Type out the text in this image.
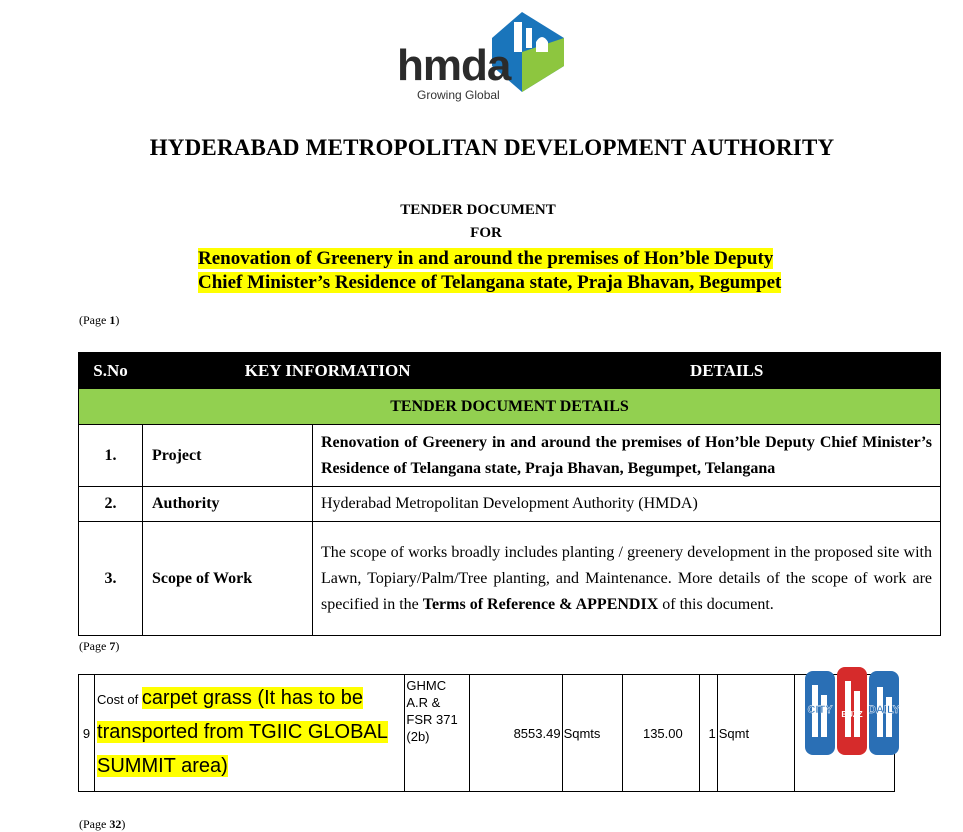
hmda
Growing Global
HYDERABAD METROPOLITAN DEVELOPMENT AUTHORITY
TENDER DOCUMENT
FOR
Renovation of Greenery in and around the premises of Hon’ble Deputy
Chief Minister’s Residence of Telangana state, Praja Bhavan, Begumpet
(Page 1)
S.No	KEY INFORMATION		DETAILS
TENDER DOCUMENT DETAILS			
1.	Project	Renovation of Greenery in and around the premises of Hon’ble Deputy Chief Minister’s Residence of Telangana state, Praja Bhavan, Begumpet, Telangana	
2.	Authority	Hyderabad Metropolitan Development Authority (HMDA)	
3.	Scope of Work	The scope of works broadly includes planting / greenery development in the proposed site with Lawn, Topiary/Palm/Tree planting, and Maintenance. More details of the scope of work are specified in the Terms of Reference & APPENDIX of this document.	
(Page 7)
9	Cost of carpet grass (It has to be transported from TGIIC GLOBAL SUMMIT area)	GHMC A.R & FSR 371 (2b)	8553.49	Sqmts	135.00	1	Sqmt	
CITY BUZZ DAILY
(Page 32)
